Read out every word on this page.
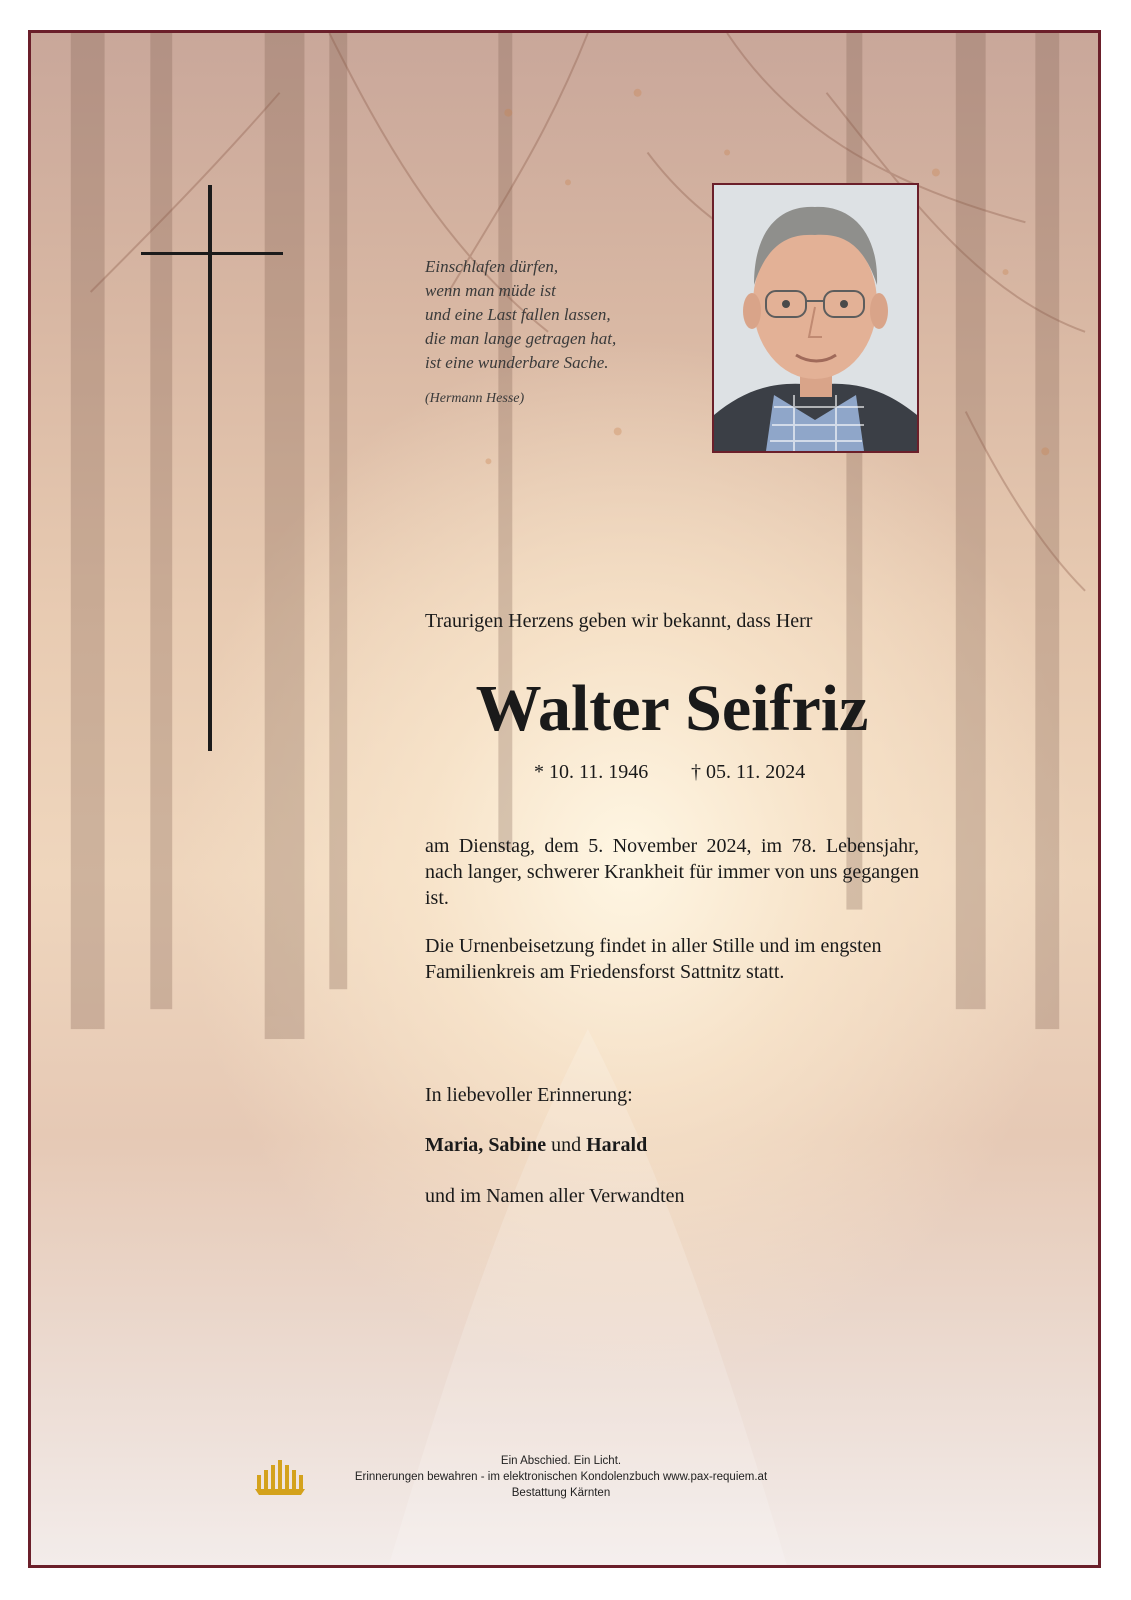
Einschlafen dürfen,
wenn man müde ist
und eine Last fallen lassen,
die man lange getragen hat,
ist eine wunderbare Sache.
(Hermann Hesse)
Traurigen Herzens geben wir bekannt, dass Herr
Walter Seifriz
* 10. 11. 1946 † 05. 11. 2024
am Dienstag, dem 5. November 2024, im 78. Lebensjahr, nach langer, schwerer Krankheit für immer von uns gegangen ist.
Die Urnenbeisetzung findet in aller Stille und im engsten Familienkreis am Friedensforst Sattnitz statt.
In liebevoller Erinnerung:
Maria, Sabine und Harald
und im Namen aller Verwandten
Ein Abschied. Ein Licht.
Erinnerungen bewahren - im elektronischen Kondolenzbuch www.pax-requiem.at
Bestattung Kärnten
